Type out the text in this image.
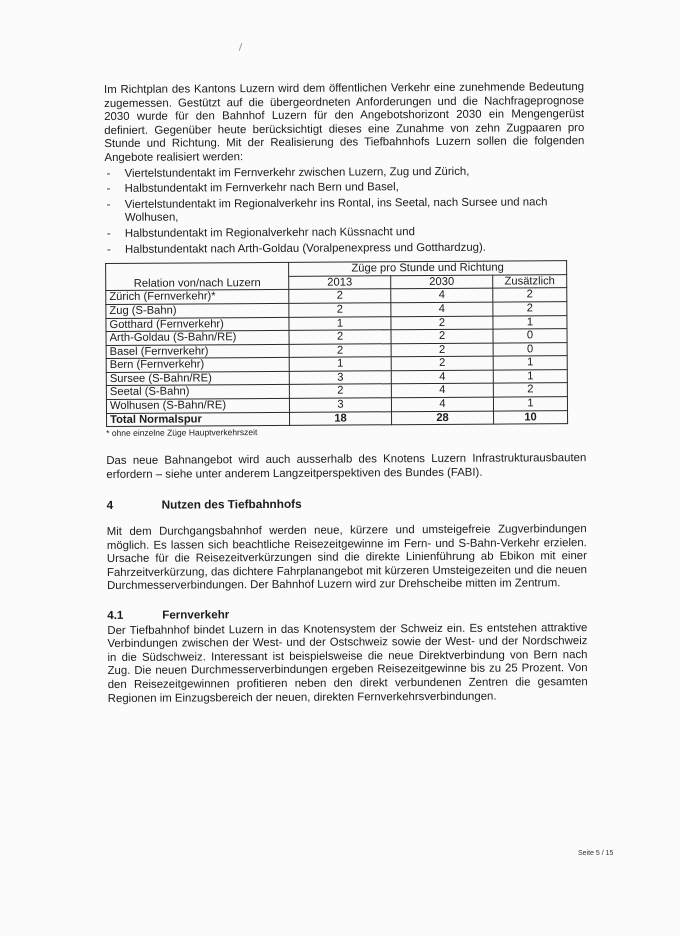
Im Richtplan des Kantons Luzern wird dem öffentlichen Verkehr eine zunehmende Bedeutung zugemessen. Gestützt auf die übergeordneten Anforderungen und die Nachfrageprognose 2030 wurde für den Bahnhof Luzern für den Angebotshorizont 2030 ein Mengengerüst definiert. Gegenüber heute berücksichtigt dieses eine Zunahme von zehn Zugpaaren pro Stunde und Richtung. Mit der Realisierung des Tiefbahnhofs Luzern sollen die folgenden Angebote realisiert werden:

- Viertelstundentakt im Fernverkehr zwischen Luzern, Zug und Zürich,
- Halbstundentakt im Fernverkehr nach Bern und Basel,
- Viertelstundentakt im Regionalverkehr ins Rontal, ins Seetal, nach Sursee und nach Wolhusen,
- Halbstundentakt im Regionalverkehr nach Küssnacht und
- Halbstundentakt nach Arth-Goldau (Voralpenexpress und Gotthardzug).
Relation von/nach Luzern	Züge pro Stunde und Richtung		
	2013	2030	Zusätzlich
Zürich (Fernverkehr)*	2	4	2
Zug (S-Bahn)	2	4	2
Gotthard (Fernverkehr)	1	2	1
Arth-Goldau (S-Bahn/RE)	2	2	0
Basel (Fernverkehr)	2	2	0
Bern (Fernverkehr)	1	2	1
Sursee (S-Bahn/RE)	3	4	1
Seetal (S-Bahn)	2	4	2
Wolhusen (S-Bahn/RE)	3	4	1
Total Normalspur	18	28	10

* ohne einzelne Züge Hauptverkehrszeit

Das neue Bahnangebot wird auch ausserhalb des Knotens Luzern Infrastrukturausbauten erfordern – siehe unter anderem Langzeitperspektiven des Bundes (FABI).

4	Nutzen des Tiefbahnhofs

Mit dem Durchgangsbahnhof werden neue, kürzere und umsteigefreie Zugverbindungen möglich. Es lassen sich beachtliche Reisezeitgewinne im Fern- und S-Bahn-Verkehr erzielen. Ursache für die Reisezeitverkürzungen sind die direkte Linienführung ab Ebikon mit einer Fahrzeitverkürzung, das dichtere Fahrplanangebot mit kürzeren Umsteigezeiten und die neuen Durchmesserverbindungen. Der Bahnhof Luzern wird zur Drehscheibe mitten im Zentrum.

4.1	Fernverkehr

Der Tiefbahnhof bindet Luzern in das Knotensystem der Schweiz ein. Es entstehen attraktive Verbindungen zwischen der West- und der Ostschweiz sowie der West- und der Nordschweiz in die Südschweiz. Interessant ist beispielsweise die neue Direktverbindung von Bern nach Zug. Die neuen Durchmesserverbindungen ergeben Reisezeitgewinne bis zu 25 Prozent. Von den Reisezeitgewinnen profitieren neben den direkt verbundenen Zentren die gesamten Regionen im Einzugsbereich der neuen, direkten Fernverkehrsverbindungen.

Seite 5 / 15
